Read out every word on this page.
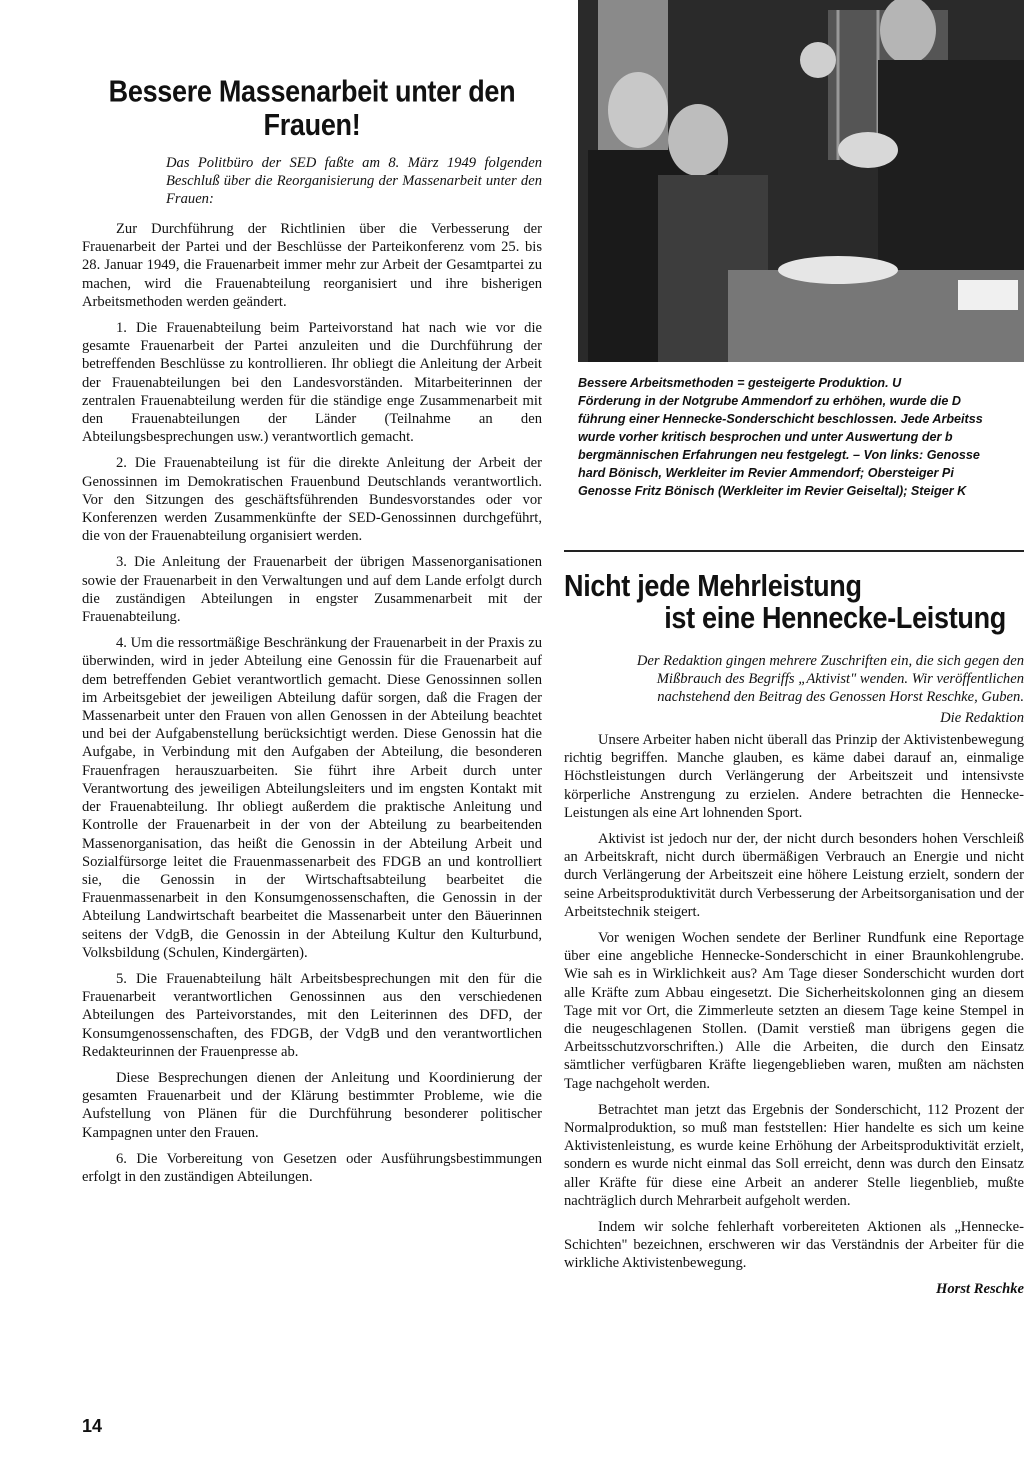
Bessere Massenarbeit unter den Frauen!

Das Politbüro der SED faßte am 8. März 1949 folgenden Beschluß über die Reorganisierung der Massenarbeit unter den Frauen:

Zur Durchführung der Richtlinien über die Verbesserung der Frauenarbeit der Partei und der Beschlüsse der Parteikonferenz vom 25. bis 28. Januar 1949, die Frauenarbeit immer mehr zur Arbeit der Gesamtpartei zu machen, wird die Frauenabteilung reorganisiert und ihre bisherigen Arbeitsmethoden werden geändert.

1. Die Frauenabteilung beim Parteivorstand hat nach wie vor die gesamte Frauenarbeit der Partei anzuleiten und die Durchführung der betreffenden Beschlüsse zu kontrollieren. Ihr obliegt die Anleitung der Arbeit der Frauenabteilungen bei den Landesvorständen. Mitarbeiterinnen der zentralen Frauenabteilung werden für die ständige enge Zusammenarbeit mit den Frauenabteilungen der Länder (Teilnahme an den Abteilungsbesprechungen usw.) verantwortlich gemacht.

2. Die Frauenabteilung ist für die direkte Anleitung der Arbeit der Genossinnen im Demokratischen Frauenbund Deutschlands verantwortlich. Vor den Sitzungen des geschäftsführenden Bundesvorstandes oder vor Konferenzen werden Zusammenkünfte der SED-Genossinnen durchgeführt, die von der Frauenabteilung organisiert werden.

3. Die Anleitung der Frauenarbeit der übrigen Massenorganisationen sowie der Frauenarbeit in den Verwaltungen und auf dem Lande erfolgt durch die zuständigen Abteilungen in engster Zusammenarbeit mit der Frauenabteilung.

4. Um die ressortmäßige Beschränkung der Frauenarbeit in der Praxis zu überwinden, wird in jeder Abteilung eine Genossin für die Frauenarbeit auf dem betreffenden Gebiet verantwortlich gemacht. Diese Genossinnen sollen im Arbeitsgebiet der jeweiligen Abteilung dafür sorgen, daß die Fragen der Massenarbeit unter den Frauen von allen Genossen in der Abteilung beachtet und bei der Aufgabenstellung berücksichtigt werden. Diese Genossin hat die Aufgabe, in Verbindung mit den Aufgaben der Abteilung, die besonderen Frauenfragen herauszuarbeiten. Sie führt ihre Arbeit durch unter Verantwortung des jeweiligen Abteilungsleiters und im engsten Kontakt mit der Frauenabteilung. Ihr obliegt außerdem die praktische Anleitung und Kontrolle der Frauenarbeit in der von der Abteilung zu bearbeitenden Massenorganisation, das heißt die Genossin in der Abteilung Arbeit und Sozialfürsorge leitet die Frauenmassenarbeit des FDGB an und kontrolliert sie, die Genossin in der Wirtschaftsabteilung bearbeitet die Frauenmassenarbeit in den Konsumgenossenschaften, die Genossin in der Abteilung Landwirtschaft bearbeitet die Massenarbeit unter den Bäuerinnen seitens der VdgB, die Genossin in der Abteilung Kultur den Kulturbund, Volksbildung (Schulen, Kindergärten).

5. Die Frauenabteilung hält Arbeitsbesprechungen mit den für die Frauenarbeit verantwortlichen Genossinnen aus den verschiedenen Abteilungen des Parteivorstandes, mit den Leiterinnen des DFD, der Konsumgenossenschaften, des FDGB, der VdgB und den verantwortlichen Redakteurinnen der Frauenpresse ab.

Diese Besprechungen dienen der Anleitung und Koordinierung der gesamten Frauenarbeit und der Klärung bestimmter Probleme, wie die Aufstellung von Plänen für die Durchführung besonderer politischer Kampagnen unter den Frauen.

6. Die Vorbereitung von Gesetzen oder Ausführungsbestimmungen erfolgt in den zuständigen Abteilungen.

Bessere Arbeitsmethoden = gesteigerte Produktion. U
Förderung in der Notgrube Ammendorf zu erhöhen, wurde die D
führung einer Hennecke-Sonderschicht beschlossen. Jede Arbeitss
wurde vorher kritisch besprochen und unter Auswertung der b
bergmännischen Erfahrungen neu festgelegt. – Von links: Genosse
hard Bönisch, Werkleiter im Revier Ammendorf; Obersteiger Pi
Genosse Fritz Bönisch (Werkleiter im Revier Geiseltal); Steiger K
Nicht jede Mehrleistung
ist eine Hennecke-Leistung

Der Redaktion gingen mehrere Zuschriften ein, die sich gegen den Mißbrauch des Begriffs „Aktivist" wenden. Wir veröffentlichen nachstehend den Beitrag des Genossen Horst Reschke, Guben.

Die Redaktion

Unsere Arbeiter haben nicht überall das Prinzip der Aktivistenbewegung richtig begriffen. Manche glauben, es käme dabei darauf an, einmalige Höchstleistungen durch Verlängerung der Arbeitszeit und intensivste körperliche Anstrengung zu erzielen. Andere betrachten die Hennecke-Leistungen als eine Art lohnenden Sport.

Aktivist ist jedoch nur der, der nicht durch besonders hohen Verschleiß an Arbeitskraft, nicht durch übermäßigen Verbrauch an Energie und nicht durch Verlängerung der Arbeitszeit eine höhere Leistung erzielt, sondern der seine Arbeitsproduktivität durch Verbesserung der Arbeitsorganisation und der Arbeitstechnik steigert.

Vor wenigen Wochen sendete der Berliner Rundfunk eine Reportage über eine angebliche Hennecke-Sonderschicht in einer Braunkohlengrube. Wie sah es in Wirklichkeit aus? Am Tage dieser Sonderschicht wurden dort alle Kräfte zum Abbau eingesetzt. Die Sicherheitskolonnen ging an diesem Tage mit vor Ort, die Zimmerleute setzten an diesem Tage keine Stempel in die neugeschlagenen Stollen. (Damit verstieß man übrigens gegen die Arbeitsschutzvorschriften.) Alle die Arbeiten, die durch den Einsatz sämtlicher verfügbaren Kräfte liegengeblieben waren, mußten am nächsten Tage nachgeholt werden.

Betrachtet man jetzt das Ergebnis der Sonderschicht, 112 Prozent der Normalproduktion, so muß man feststellen: Hier handelte es sich um keine Aktivistenleistung, es wurde keine Erhöhung der Arbeitsproduktivität erzielt, sondern es wurde nicht einmal das Soll erreicht, denn was durch den Einsatz aller Kräfte für diese eine Arbeit an anderer Stelle liegenblieb, mußte nachträglich durch Mehrarbeit aufgeholt werden.

Indem wir solche fehlerhaft vorbereiteten Aktionen als „Hennecke-Schichten" bezeichnen, erschweren wir das Verständnis der Arbeiter für die wirkliche Aktivistenbewegung.

Horst Reschke

14
